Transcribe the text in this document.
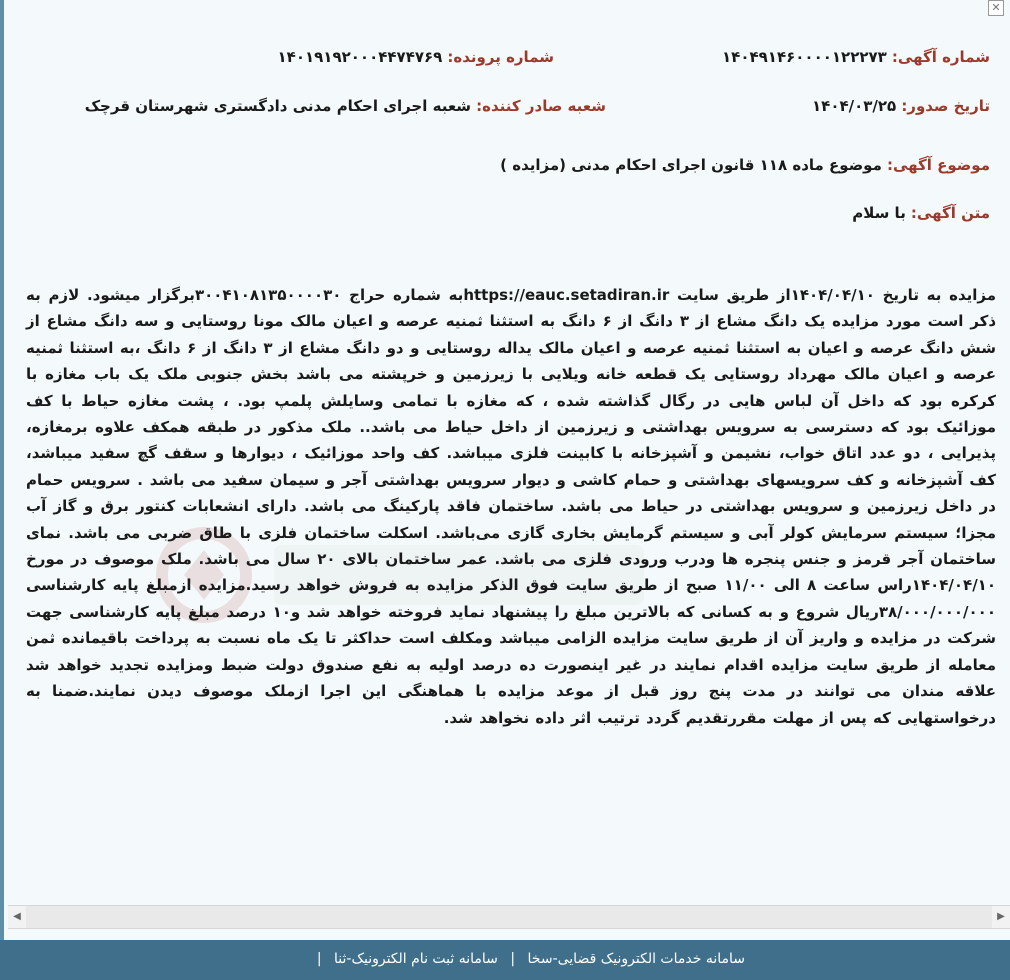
✕
شماره آگهی: ۱۴۰۴۹۱۴۶۰۰۰۰۱۲۲۲۷۳
شماره پرونده: ۱۴۰۱۹۱۹۲۰۰۰۴۴۷۴۷۶۹
تاریخ صدور: ۱۴۰۴/۰۳/۲۵
شعبه صادر کننده: شعبه اجرای احکام مدنی دادگستری شهرستان قرچک
موضوع آگهی: موضوع ماده ۱۱۸ قانون اجرای احکام مدنی (مزایده )
متن آگهی: با سلام
مزایده به تاریخ ۱۴۰۴/۰۴/۱۰از طریق سایت https://eauc.setadiran.irبه شماره حراج ۳۰۰۴۱۰۸۱۳۵۰۰۰۰۳۰برگزار میشود. لازم به ذکر است مورد مزایده یک دانگ مشاع از ۳ دانگ از ۶ دانگ به استثنا ثمنیه عرصه و اعیان مالک مونا روستایی و سه دانگ مشاع از شش دانگ عرصه و اعیان به استثنا ثمنیه عرصه و اعیان مالک یداله روستایی و دو دانگ مشاع از ۳ دانگ از ۶ دانگ ،به استثنا ثمنیه عرصه و اعیان مالک مهرداد روستایی یک قطعه خانه ویلایی با زیرزمین و خرپشته می باشد بخش جنوبی ملک یک باب مغازه با کرکره بود که داخل آن لباس هایی در رگال گذاشته شده ، که مغازه با تمامی وسایلش پلمپ بود. ، پشت مغازه حیاط با کف موزائیک بود که دسترسی به سرویس بهداشتی و زیرزمین از داخل حیاط می باشد.. ملک مذکور در طبقه همکف علاوه برمغازه، پذیرایی ، دو عدد اتاق خواب، نشیمن و آشپزخانه با کابینت فلزی میباشد. کف واحد موزائیک ، دیوارها و سقف گچ سفید میباشد، کف آشپزخانه و کف سرویسهای بهداشتی و حمام کاشی و دیوار سرویس بهداشتی آجر و سیمان سفید می باشد . سرویس حمام در داخل زیرزمین و سرویس بهداشتی در حیاط می باشد. ساختمان فاقد پارکینگ می باشد. دارای انشعابات کنتور برق و گاز آب مجزا؛ سیستم سرمایش کولر آبی و سیستم گرمایش بخاری گازی می‌باشد. اسکلت ساختمان فلزی با طاق ضربی می باشد. نمای ساختمان آجر قرمز و جنس پنجره ها ودرب ورودی فلزی می باشد. عمر ساختمان بالای ۲۰ سال می باشد. ملک موصوف در مورخ ۱۴۰۴/۰۴/۱۰راس ساعت ۸ الی ۱۱/۰۰ صبح از طریق سایت فوق الذکر مزایده به فروش خواهد رسید.مزایده ازمبلغ پایه کارشناسی ۳۸/۰۰۰/۰۰۰/۰۰۰ریال شروع و به کسانی که بالاترین مبلغ را پیشنهاد نماید فروخته خواهد شد و۱۰ درصد مبلغ پایه کارشناسی جهت شرکت در مزایده و واریز آن از طریق سایت مزایده الزامی میباشد ومکلف است حداکثر تا یک ماه نسبت به پرداخت باقیمانده ثمن معامله از طریق سایت مزایده اقدام نمایند در غیر اینصورت ده درصد اولیه به نفع صندوق دولت ضبط ومزایده تجدید خواهد شد علاقه مندان می توانند در مدت پنج روز قبل از موعد مزایده با هماهنگی این اجرا ازملک موصوف دیدن نمایند.ضمنا به درخواستهایی که پس از مهلت مقررتقدیم گردد ترتیب اثر داده نخواهد شد.
◀	▶
سامانه خدمات الکترونیک قضایی-سخا | سامانه ثبت نام الکترونیک-ثنا |
